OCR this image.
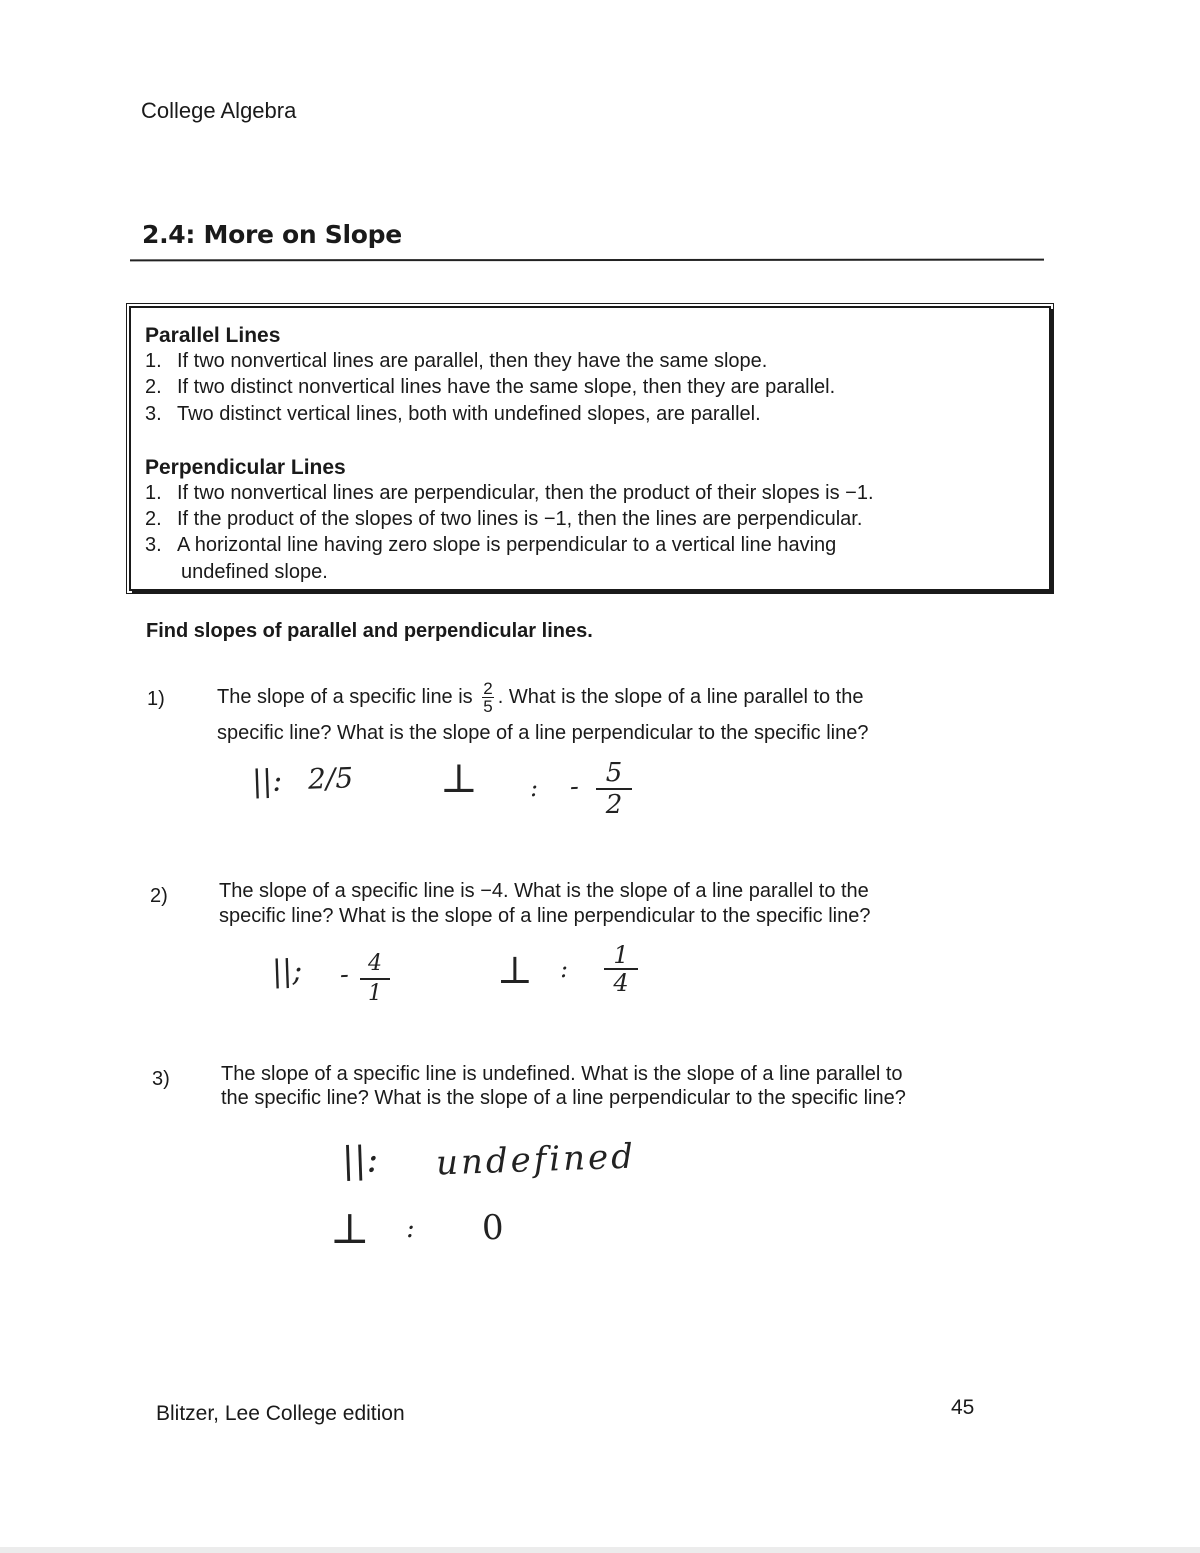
College Algebra
2.4: More on Slope
Parallel Lines
1. If two nonvertical lines are parallel, then they have the same slope.
2. If two distinct nonvertical lines have the same slope, then they are parallel.
3. Two distinct vertical lines, both with undefined slopes, are parallel.
Perpendicular Lines
1. If two nonvertical lines are perpendicular, then the product of their slopes is −1.
2. If the product of the slopes of two lines is −1, then the lines are perpendicular.
3. A horizontal line having zero slope is perpendicular to a vertical line having
undefined slope.
Find slopes of parallel and perpendicular lines.
1)	The slope of a specific line is $\frac{2}{5}$ . What is the slope of a line parallel to the
specific line? What is the slope of a line perpendicular to the specific line?
||: 2/5 ⊥ : - $\frac{5}{2}$
2)	The slope of a specific line is −4. What is the slope of a line parallel to the
specific line? What is the slope of a line perpendicular to the specific line?
||; - $\frac{4}{1}$	⊥ : $\frac{1}{4}$
3)	The slope of a specific line is undefined. What is the slope of a line parallel to
the specific line? What is the slope of a line perpendicular to the specific line?
||: undefined
⊥ : 0
Blitzer, Lee College edition	45
